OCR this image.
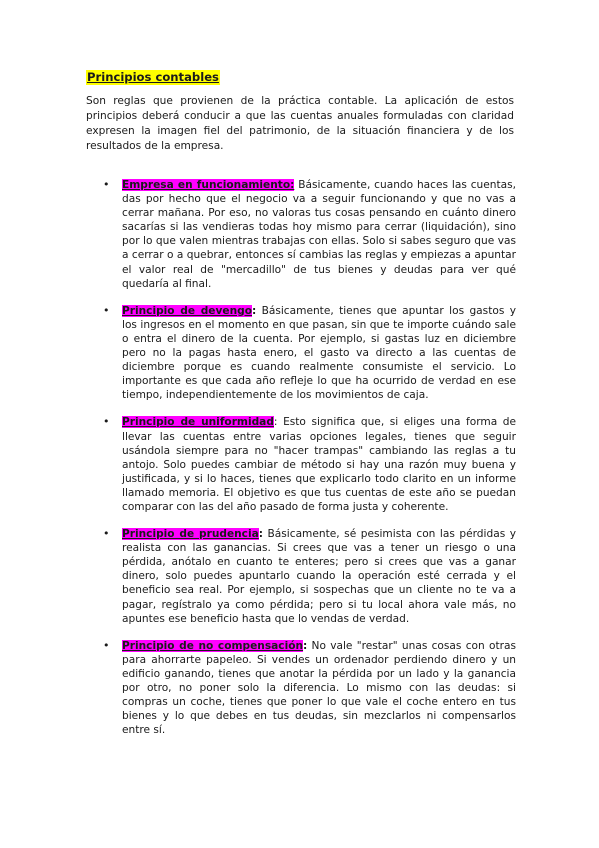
Principios contables

Son reglas que provienen de la práctica contable. La aplicación de estos principios deberá conducir a que las cuentas anuales formuladas con claridad expresen la imagen fiel del patrimonio, de la situación financiera y de los resultados de la empresa.

• Empresa en funcionamiento: Básicamente, cuando haces las cuentas, das por hecho que el negocio va a seguir funcionando y que no vas a cerrar mañana. Por eso, no valoras tus cosas pensando en cuánto dinero sacarías si las vendieras todas hoy mismo para cerrar (liquidación), sino por lo que valen mientras trabajas con ellas. Solo si sabes seguro que vas a cerrar o a quebrar, entonces sí cambias las reglas y empiezas a apuntar el valor real de "mercadillo" de tus bienes y deudas para ver qué quedaría al final.
• Principio de devengo: Básicamente, tienes que apuntar los gastos y los ingresos en el momento en que pasan, sin que te importe cuándo sale o entra el dinero de la cuenta. Por ejemplo, si gastas luz en diciembre pero no la pagas hasta enero, el gasto va directo a las cuentas de diciembre porque es cuando realmente consumiste el servicio. Lo importante es que cada año refleje lo que ha ocurrido de verdad en ese tiempo, independientemente de los movimientos de caja.
• Principio de uniformidad: Esto significa que, si eliges una forma de llevar las cuentas entre varias opciones legales, tienes que seguir usándola siempre para no "hacer trampas" cambiando las reglas a tu antojo. Solo puedes cambiar de método si hay una razón muy buena y justificada, y si lo haces, tienes que explicarlo todo clarito en un informe llamado memoria. El objetivo es que tus cuentas de este año se puedan comparar con las del año pasado de forma justa y coherente.
• Principio de prudencia: Básicamente, sé pesimista con las pérdidas y realista con las ganancias. Si crees que vas a tener un riesgo o una pérdida, anótalo en cuanto te enteres; pero si crees que vas a ganar dinero, solo puedes apuntarlo cuando la operación esté cerrada y el beneficio sea real. Por ejemplo, si sospechas que un cliente no te va a pagar, regístralo ya como pérdida; pero si tu local ahora vale más, no apuntes ese beneficio hasta que lo vendas de verdad.
• Principio de no compensación: No vale "restar" unas cosas con otras para ahorrarte papeleo. Si vendes un ordenador perdiendo dinero y un edificio ganando, tienes que anotar la pérdida por un lado y la ganancia por otro, no poner solo la diferencia. Lo mismo con las deudas: si compras un coche, tienes que poner lo que vale el coche entero en tus bienes y lo que debes en tus deudas, sin mezclarlos ni compensarlos entre sí.
